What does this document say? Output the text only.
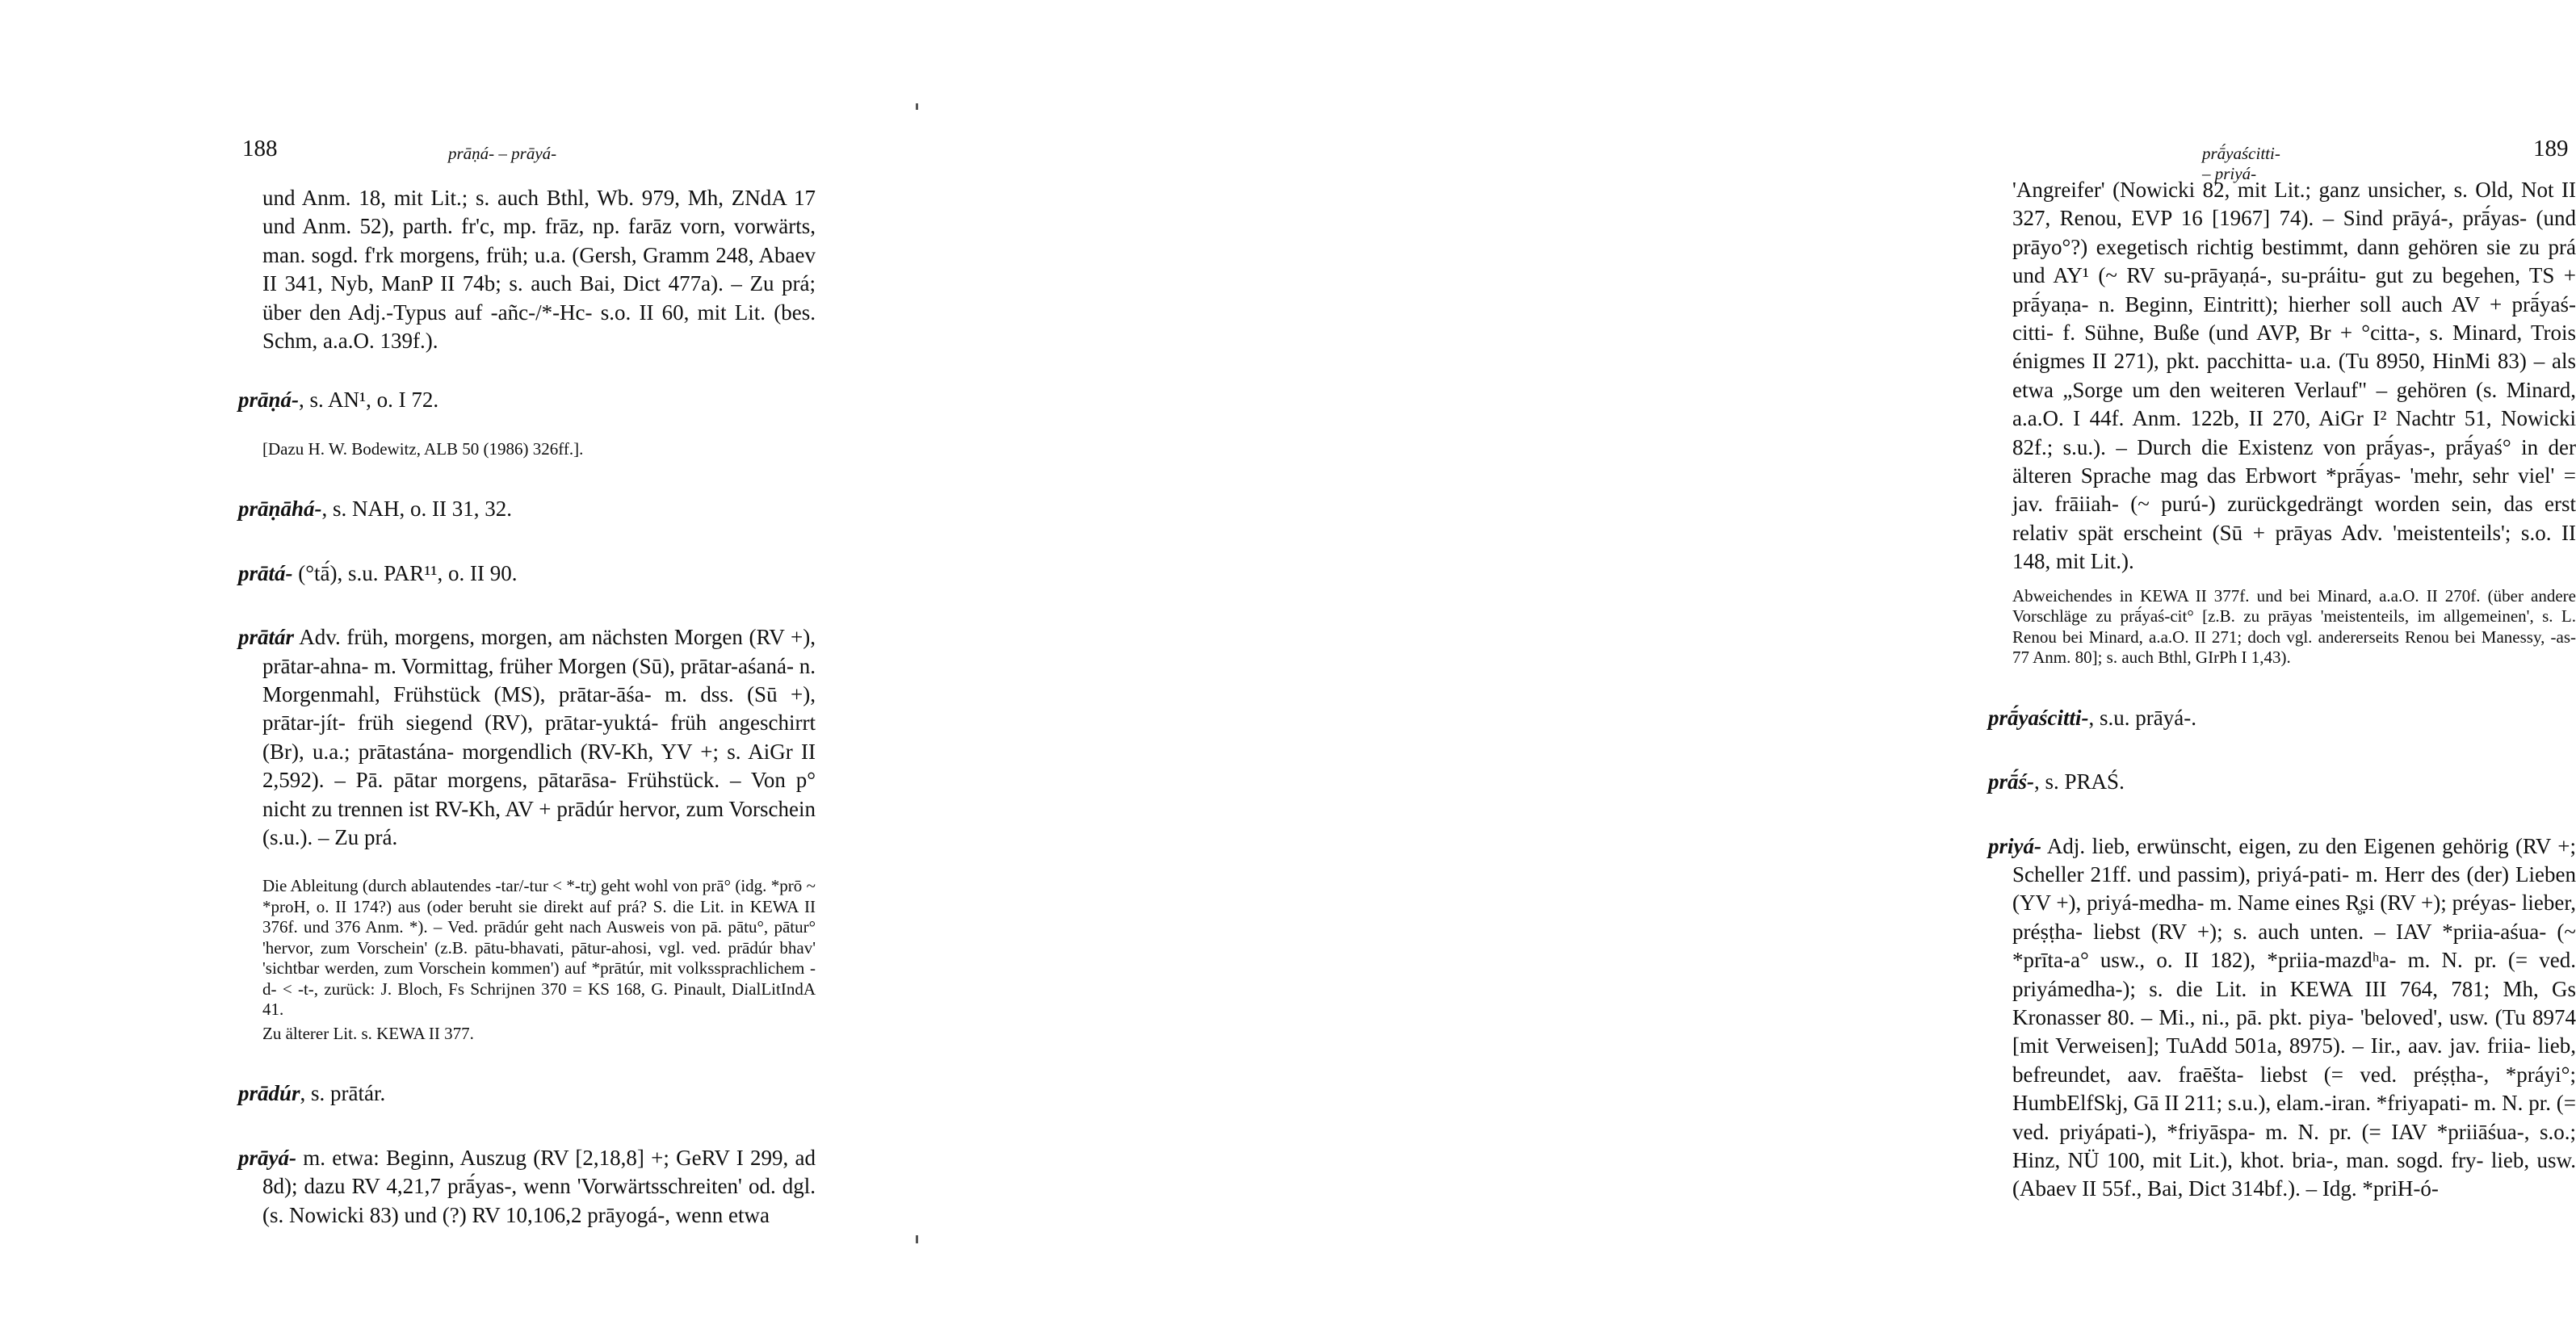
188	prāṇá- – prāyá-

und Anm. 18, mit Lit.; s. auch Bthl, Wb. 979, Mh, ZNdA 17 und Anm. 52), parth. fr'c, mp. frāz, np. farāz vorn, vorwärts, man. sogd. f'rk morgens, früh; u.a. (Gersh, Gramm 248, Abaev II 341, Nyb, ManP II 74b; s. auch Bai, Dict 477a). – Zu prá; über den Adj.-Typus auf -añc-/*-Hc- s.o. II 60, mit Lit. (bes. Schm, a.a.O. 139f.).

prāṇá-, s. AN¹, o. I 72.

[Dazu H. W. Bodewitz, ALB 50 (1986) 326ff.].

prāṇāhá-, s. NAH, o. II 31, 32.

prātá- (°tā́), s.u. PAR¹¹, o. II 90.

prātár Adv. früh, morgens, morgen, am nächsten Morgen (RV +), prātar-ahna- m. Vormittag, früher Morgen (Sū), prātar-aśaná- n. Morgenmahl, Frühstück (MS), prātar-āśa- m. dss. (Sū +), prātar-jít- früh siegend (RV), prātar-yuktá- früh angeschirrt (Br), u.a.; prātastána- morgendlich (RV-Kh, YV +; s. AiGr II 2,592). – Pā. pātar morgens, pātarāsa- Frühstück. – Von p° nicht zu trennen ist RV-Kh, AV + prādúr hervor, zum Vorschein (s.u.). – Zu prá.

Die Ableitung (durch ablautendes -tar/-tur < *-tr̥) geht wohl von prā° (idg. *prō ~ *proH, o. II 174?) aus (oder beruht sie direkt auf prá? S. die Lit. in KEWA II 376f. und 376 Anm. *). – Ved. prādúr geht nach Ausweis von pā. pātu°, pātur° 'hervor, zum Vorschein' (z.B. pātu-bhavati, pātur-ahosi, vgl. ved. prādúr bhav' 'sichtbar werden, zum Vorschein kommen') auf *prātúr, mit volkssprachlichem -d- < -t-, zurück: J. Bloch, Fs Schrijnen 370 = KS 168, G. Pinault, DialLitIndA 41.
Zu älterer Lit. s. KEWA II 377.

prādúr, s. prātár.

prāyá- m. etwa: Beginn, Auszug (RV [2,18,8] +; GeRV I 299, ad 8d); dazu RV 4,21,7 prā́yas-, wenn 'Vorwärtsschreiten' od. dgl. (s. Nowicki 83) und (?) RV 10,106,2 prāyogá-, wenn etwa

prā́yaścitti- – priyá-
189

'Angreifer' (Nowicki 82, mit Lit.; ganz unsicher, s. Old, Not II 327, Renou, EVP 16 [1967] 74). – Sind prāyá-, prā́yas- (und prāyo°?) exegetisch richtig bestimmt, dann gehören sie zu prá und AY¹ (~ RV su-prāyaṇá-, su-práitu- gut zu begehen, TS + prā́yaṇa- n. Beginn, Eintritt); hierher soll auch AV + prā́yaś-citti- f. Sühne, Buße (und AVP, Br + °citta-, s. Minard, Trois énigmes II 271), pkt. pacchitta- u.a. (Tu 8950, HinMi 83) – als etwa „Sorge um den weiteren Verlauf" – gehören (s. Minard, a.a.O. I 44f. Anm. 122b, II 270, AiGr I² Nachtr 51, Nowicki 82f.; s.u.). – Durch die Existenz von prā́yas-, prā́yaś° in der älteren Sprache mag das Erbwort *prā́yas- 'mehr, sehr viel' = jav. frāiiah- (~ purú-) zurückgedrängt worden sein, das erst relativ spät erscheint (Sū + prāyas Adv. 'meistenteils'; s.o. II 148, mit Lit.).

Abweichendes in KEWA II 377f. und bei Minard, a.a.O. II 270f. (über andere Vorschläge zu prā́yaś-cit° [z.B. zu prāyas 'meistenteils, im allgemeinen', s. L. Renou bei Minard, a.a.O. II 271; doch vgl. andererseits Renou bei Manessy, -as- 77 Anm. 80]; s. auch Bthl, GIrPh I 1,43).

prā́yaścitti-, s.u. prāyá-.

prā́ś-, s. PRAŚ.

priyá- Adj. lieb, erwünscht, eigen, zu den Eigenen gehörig (RV +; Scheller 21ff. und passim), priyá-pati- m. Herr des (der) Lieben (YV +), priyá-medha- m. Name eines R̥ṣi (RV +); préyas- lieber, préṣṭha- liebst (RV +); s. auch unten. – IAV *priia-aśua- (~ *prīta-a° usw., o. II 182), *priia-mazdʰa- m. N. pr. (= ved. priyámedha-); s. die Lit. in KEWA III 764, 781; Mh, Gs Kronasser 80. – Mi., ni., pā. pkt. piya- 'beloved', usw. (Tu 8974 [mit Verweisen]; TuAdd 501a, 8975). – Iir., aav. jav. friia- lieb, befreundet, aav. fraēšta- liebst (= ved. préṣṭha-, *práyi°; HumbElfSkj, Gā II 211; s.u.), elam.-iran. *friyapati- m. N. pr. (= ved. priyápati-), *friyāspa- m. N. pr. (= IAV *priiāśua-, s.o.; Hinz, NÜ 100, mit Lit.), khot. bria-, man. sogd. fry- lieb, usw. (Abaev II 55f., Bai, Dict 314bf.). – Idg. *priH-ó-
